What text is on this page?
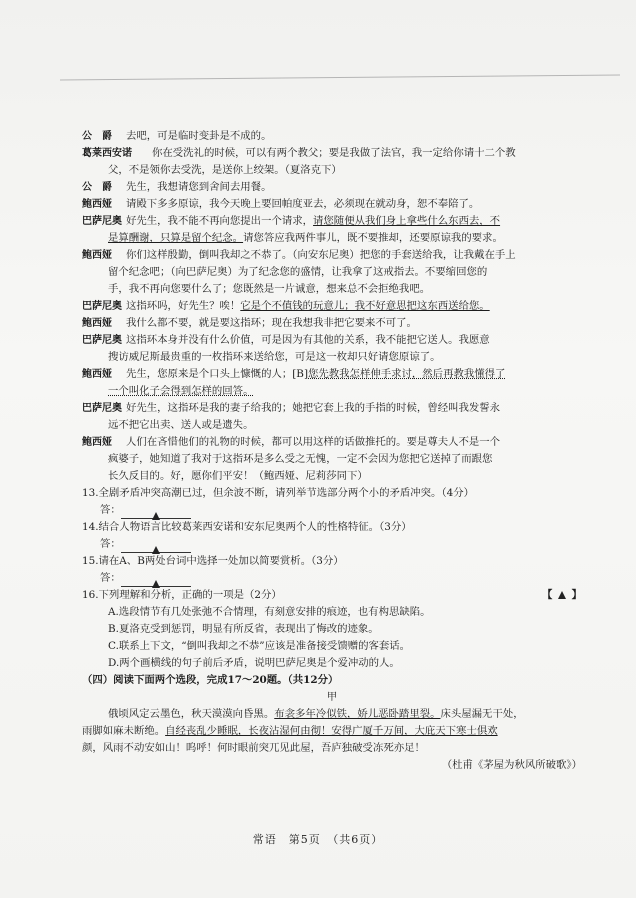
公　爵 去吧，可是临时变卦是不成的。
葛莱西安诺 你在受洗礼的时候，可以有两个教父；要是我做了法官，我一定给你请十二个教
父，不是领你去受洗，是送你上绞架。（夏洛克下）
公　爵 先生，我想请您到舍间去用餐。
鲍西娅 请殿下多多原谅，我今天晚上要回帕度亚去，必须现在就动身，恕不奉陪了。
巴萨尼奥 好先生，我不能不再向您提出一个请求，请您随便从我们身上拿些什么东西去，不
是算酬谢，只算是留个纪念。请您答应我两件事儿，既不要推却，还要原谅我的要求。
鲍西娅 你们这样殷勤，倒叫我却之不恭了。（向安东尼奥）把您的手套送给我，让我戴在手上
留个纪念吧；（向巴萨尼奥）为了纪念您的盛情，让我拿了这戒指去。不要缩回您的
手，我不再向您要什么了；您既然是一片诚意，想来总不会拒绝我吧。
巴萨尼奥 这指环吗，好先生？唉！它是个不值钱的玩意儿；我不好意思把这东西送给您。
鲍西娅 我什么都不要，就是要这指环；现在我想我非把它要来不可了。
巴萨尼奥 这指环本身并没有什么价值，可是因为有其他的关系，我不能把它送人。我愿意
搜访威尼斯最贵重的一枚指环来送给您，可是这一枚却只好请您原谅了。
鲍西娅 先生，您原来是个口头上慷慨的人；[B]您先教我怎样伸手求讨，然后再教我懂得了
一个叫化子会得到怎样的回答。
巴萨尼奥 好先生，这指环是我的妻子给我的；她把它套上我的手指的时候，曾经叫我发誓永
远不把它出卖、送人或是遗失。
鲍西娅 人们在吝惜他们的礼物的时候，都可以用这样的话做推托的。要是尊夫人不是一个
疯婆子，她知道了我对于这指环是多么受之无愧，一定不会因为您把它送掉了而跟您
长久反目的。好，愿你们平安！（鲍西娅、尼莉莎同下）
13.全剧矛盾冲突高潮已过，但余波不断，请列举节选部分两个小的矛盾冲突。（4分）
答：
14.结合人物语言比较葛莱西安诺和安东尼奥两个人的性格特征。（3分）
答：
15.请在A、B两处台词中选择一处加以简要赏析。（3分）
答：
16.下列理解和分析，正确的一项是（2分）	【 】
A.选段情节有几处张弛不合情理，有刻意安排的痕迹，也有构思缺陷。
B.夏洛克受到惩罚，明显有所反省，表现出了悔改的迹象。
C.联系上下文，“倒叫我却之不恭”应该是准备接受馈赠的客套话。
D.两个画横线的句子前后矛盾，说明巴萨尼奥是个爱冲动的人。
（四）阅读下面两个选段，完成17～20题。（共12分）
甲
俄顷风定云墨色，秋天漠漠向昏黑。布衾多年冷似铁，娇儿恶卧踏里裂。床头屋漏无干处，
雨脚如麻未断绝。自经丧乱少睡眠，长夜沾湿何由彻！安得广厦千万间，大庇天下寒士俱欢
颜，风雨不动安如山！呜呼！何时眼前突兀见此屋，吾庐独破受冻死亦足！
（杜甫《茅屋为秋风所破歌》）
常语　第5页　（共6页）
